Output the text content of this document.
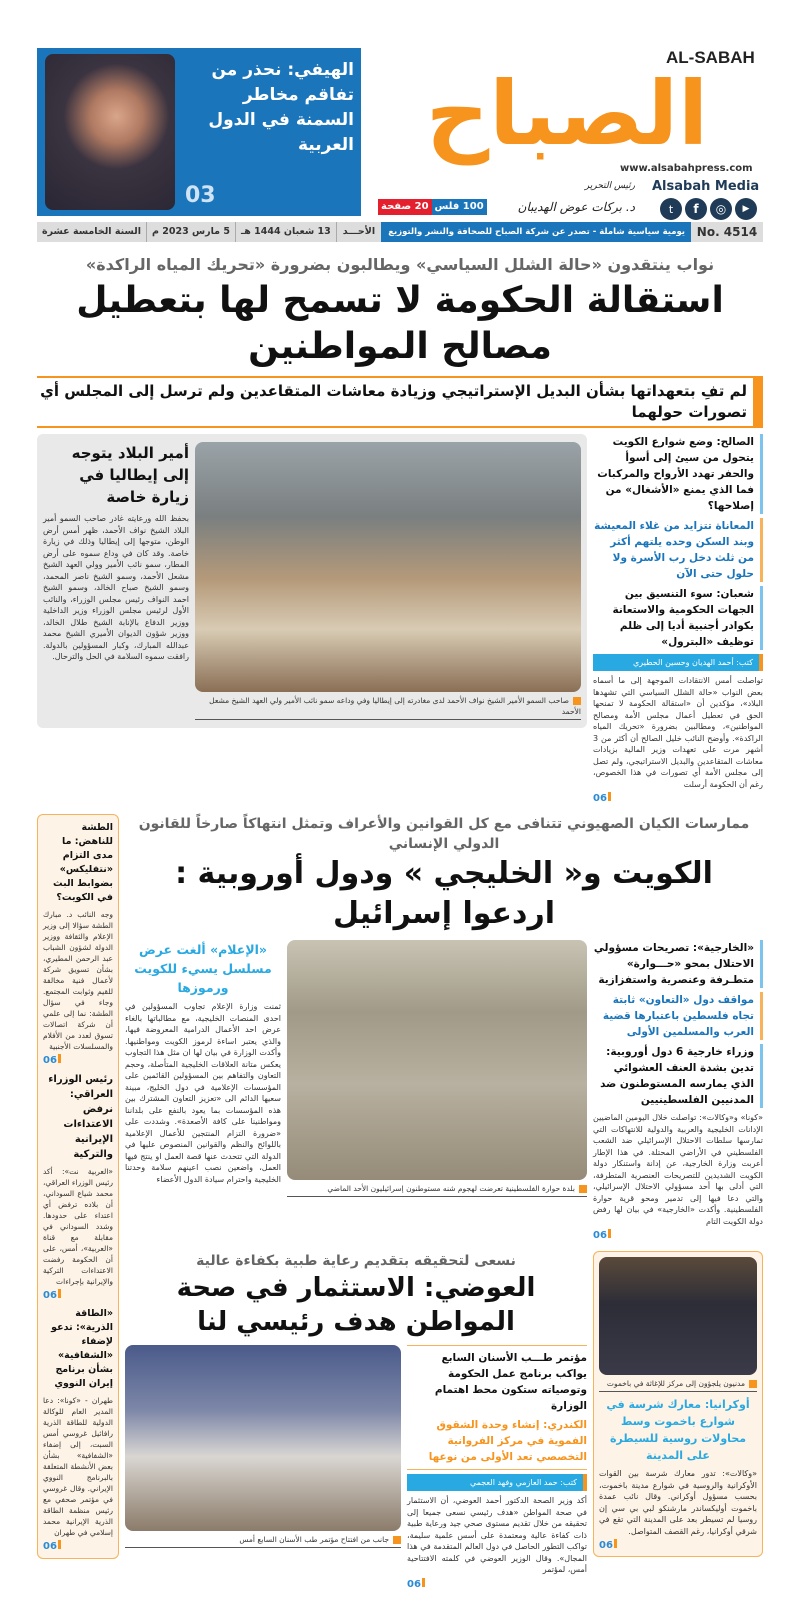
الهيفي: نحذر من تفاقم مخاطر السمنة في الدول العربية
03
AL-SABAH
الصباح
www.alsabahpress.com
Alsabah Media
t	f	◎	▶
رئيس التحرير
د. بركات عوض الهديبان
100 فلس
20 صفحة
No. 4514
يومية سياسية شاملة - تصدر عن شركة الصباح للصحافة والنشر والتوزيع
الأحـــد
13 شعبان 1444 هـ
5 مارس 2023 م
السنة الخامسة عشرة
نواب ينتقدون «حالة الشلل السياسي» ويطالبون بضرورة «تحريك المياه الراكدة»
استقالة الحكومة لا تسمح لها بتعطيل مصالح المواطنين
لم تفِ بتعهداتها بشأن البديل الإستراتيجي وزيادة معاشات المتقاعدين ولم ترسل إلى المجلس أي تصورات حولهما
الصالح: وضع شوارع الكويت يتحول من سيئ إلى أسوأ والحفر تهدد الأرواح والمركبات فما الذي يمنع «الأشغال» من إصلاحها؟
المعاناة تتزايد من غلاء المعيشة وبند السكن وحده يلتهم أكثر من ثلث دخل رب الأسرة ولا حلول حتى الآن
شعبان: سوء التنسيق بين الجهات الحكومية والاستعانة بكوادر أجنبية أديا إلى ظلم توظيف «البترول»
كتب: أحمد الهديان وحسين الحطيري
تواصلت أمس الانتقادات الموجهة إلى ما أسماه بعض النواب «حالة الشلل السياسي التي تشهدها البلاد»، مؤكدين أن «استقالة الحكومة لا تمنحها الحق في تعطيل أعمال مجلس الأمة ومصالح المواطنين»، ومطالبين بضرورة «تحريك المياه الراكدة». وأوضح النائب خليل الصالح أن أكثر من 3 أشهر مرت على تعهدات وزير المالية بزيادات معاشات المتقاعدين والبديل الاستراتيجي، ولم تصل إلى مجلس الأمة أي تصورات في هذا الخصوص، رغم أن الحكومة أرسلت
06
صاحب السمو الأمير الشيخ نواف الأحمد لدى مغادرته إلى إيطاليا وفي وداعه سمو نائب الأمير ولي العهد الشيخ مشعل الأحمد
أمير البلاد يتوجه إلى إيطاليا في زيارة خاصة
بحفظ الله ورعايته غادر صاحب السمو أمير البلاد الشيخ نواف الأحمد، ظهر أمس أرض الوطن، متوجها إلى إيطاليا وذلك في زيارة خاصة. وقد كان في وداع سموه على أرض المطار، سمو نائب الأمير وولي العهد الشيخ مشعل الأحمد، وسمو الشيخ ناصر المحمد، وسمو الشيخ صباح الخالد، وسمو الشيخ احمد النواف رئيس مجلس الوزراء، والنائب الأول لرئيس مجلس الوزراء وزير الداخلية ووزير الدفاع بالإنابة الشيخ طلال الخالد، ووزير شؤون الديوان الأميري الشيخ محمد عبدالله المبارك، وكبار المسؤولين بالدولة. رافقت سموه السلامة في الحل والترحال.
ممارسات الكيان الصهيوني تتنافى مع كل القوانين والأعراف وتمثل انتهاكاً صارخاً للقانون الدولي الإنساني
الكويت و« الخليجي » ودول أوروبية : اردعوا إسرائيل
«الخارجية»: تصريحات مسؤولي الاحتلال بمحو «حـــوارة» متطـرفة وعنصرية واستفزازية
مواقف دول «التعاون» ثابتة تجاه فلسطين باعتبارها قضية العرب والمسلمين الأولى
وزراء خارجية 6 دول أوروبية: تدين بشدة العنف العشوائي الذي يمارسه المستوطنون ضد المدنيين الفلسطينيين
«كونا» و«وكالات»: تواصلت خلال اليومين الماضيين الإدانات الخليجية والعربية والدولية للانتهاكات التي تمارسها سلطات الاحتلال الإسرائيلي ضد الشعب الفلسطيني في الأراضي المحتلة. في هذا الإطار أعربت وزارة الخارجية، عن إدانة واستنكار دولة الكويت الشديدين للتصريحات العنصرية المتطرفة، التي أدلى بها أحد مسؤولي الاحتلال الإسرائيلي، والتي دعا فيها إلى تدمير ومحو قرية حوارة الفلسطينية. وأكدت «الخارجية» في بيان لها رفض دولة الكويت التام
06
بلدة حوارة الفلسطينية تعرضت لهجوم شنه مستوطنون إسرائيليون الأحد الماضي
«الإعلام» ألغت عرض مسلسل يسيء للكويت ورموزها
ثمنت وزارة الإعلام تجاوب المسؤولين في احدى المنصات الخليجية، مع مطالباتها بالغاء عرض احد الأعمال الدرامية المعروضة فيها، والذي يعتبر اساءة لرموز الكويت ومواطنيها. وأكدت الوزارة في بيان لها ان مثل هذا التجاوب يعكس متانة العلاقات الخليجية المتأصلة، وحجم التعاون والتفاهم بين المسؤولين القائمين على المؤسسات الإعلامية في دول الخليج، مبينة سعيها الدائم الى «تعزيز التعاون المشترك بين هذه المؤسسات بما يعود بالنفع على بلداننا ومواطنينا على كافة الأصعدة». وشددت على «ضرورة التزام المنتجين للأعمال الإعلامية باللوائح والنظم والقوانين المنصوص عليها في الدولة التي تتحدث عنها قصة العمل او ينتج فيها العمل، واضعين نصب اعينهم سلامة وحدتنا الخليجية واحترام سيادة الدول الأعضاء
مدنيون يلجؤون إلى مركز للإغاثة في باخموت
أوكرانيا: معارك شرسة في شوارع باخموت وسط محاولات روسية للسيطرة على المدينة
«وكالات»: تدور معارك شرسة بين القوات الأوكرانية والروسية في شوارع مدينة باخموت، بحسب مسؤول أوكراني. وقال نائب عمدة باخموت أوليكساندر مارشنكو لبي بي سي إن روسيا لم تسيطر بعد على المدينة التي تقع في شرقي أوكرانيا، رغم القصف المتواصل.
06
نسعى لتحقيقه بتقديم رعاية طبية بكفاءة عالية
العوضي: الاستثمار في صحة المواطن هدف رئيسي لنا
مؤتمر طـــب الأسنان السابع يواكب برنامج عمل الحكومة وتوصياته ستكون محط اهتمام الوزارة
الكندري: إنشاء وحدة الشقوق الفموية في مركز الفروانية التخصصي تعد الأولى من نوعها
كتب: حمد العازمي وفهد العجمي
أكد وزير الصحة الدكتور أحمد العوضي، أن الاستثمار في صحة المواطن «هدف رئيسي نسعى جميعا إلى تحقيقه من خلال تقديم مستوى صحي جيد ورعاية طبية ذات كفاءة عالية ومعتمدة على أسس علمية سليمة، تواكب التطور الحاصل في دول العالم المتقدمة في هذا المجال». وقال الوزير العوضي في كلمته الافتتاحية أمس، لمؤتمر
06
جانب من افتتاح مؤتمر طب الأسنان السابع أمس
الطشة للناهض: ما مدى التزام «نتفليكس» بضوابط البث في الكويت؟
وجه النائب د. مبارك الطشة سؤالا إلى وزير الإعلام والثقافة ووزير الدولة لشؤون الشباب عبد الرحمن المطيري، بشأن تسويق شركة لأعمال فنية مخالفة للقيم وثوابت المجتمع. وجاء في سؤال الطشة: نما إلى علمي أن شركة اتصالات تسوق لعدد من الأفلام والمسلسلات الأجنبية
06
رئيس الوزراء العراقي: نرفض الاعتداءات الإيرانية والتركية
«العربية نت»: أكد رئيس الوزراء العراقي، محمد شياع السوداني، أن بلاده ترفض أي اعتداء على حدودها. وشدد السوداني في مقابلة مع قناة «العربية»، أمس، على أن الحكومة رفضت الاعتداءات التركية والإيرانية بإجراءات
06
«الطاقة الذرية»: تدعو لإضفاء «الشفافية» بشأن برنامج إيران النووي
طهران - «كونا»: دعا المدير العام للوكالة الدولية للطاقة الذرية رافائيل غروسي أمس السبت، إلى إضفاء «الشفافية» بشأن بعض الأنشطة المتعلقة بالبرنامج النووي الإيراني. وقال غروسي في مؤتمر صحفي مع رئيس منظمة الطاقة الذرية الإيرانية محمد إسلامي في طهران
06
